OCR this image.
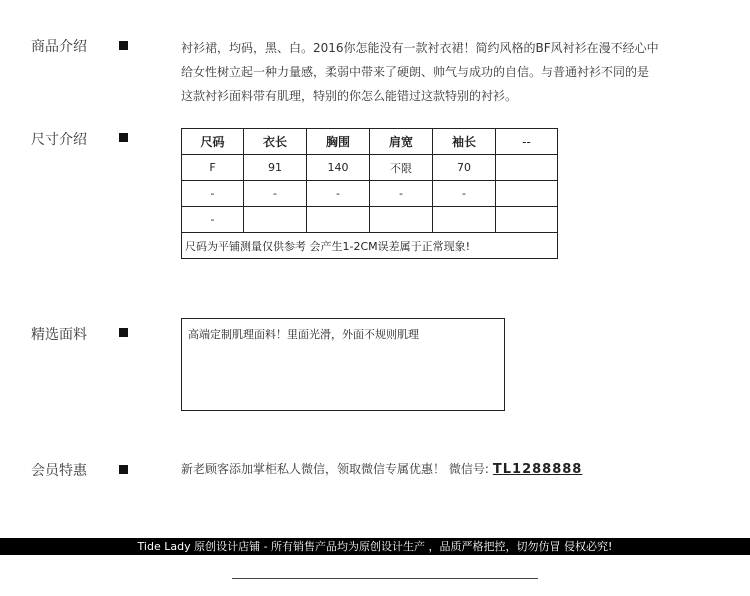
商品介绍	衬衫裙，均码，黑、白。2016你怎能没有一款衬衣裙！简约风格的BF风衬衫在漫不经心中
给女性树立起一种力量感，柔弱中带来了硬朗、帅气与成功的自信。与普通衬衫不同的是
这款衬衫面料带有肌理，特别的你怎么能错过这款特别的衬衫。
尺寸介绍	尺码	衣长	胸围	肩宽	袖长	--
F	91	140	不限	70	
-	-	-	-	-	
-					
尺码为平铺测量仅供参考 会产生1-2CM误差属于正常现象!					
精选面料	高端定制肌理面料！里面光滑，外面不规则肌理
会员特惠	新老顾客添加掌柜私人微信，领取微信专属优惠！ 微信号: TL1288888
Tide Lady 原创设计店铺 - 所有销售产品均为原创设计生产 ，品质严格把控，切勿仿冒 侵权必究!
